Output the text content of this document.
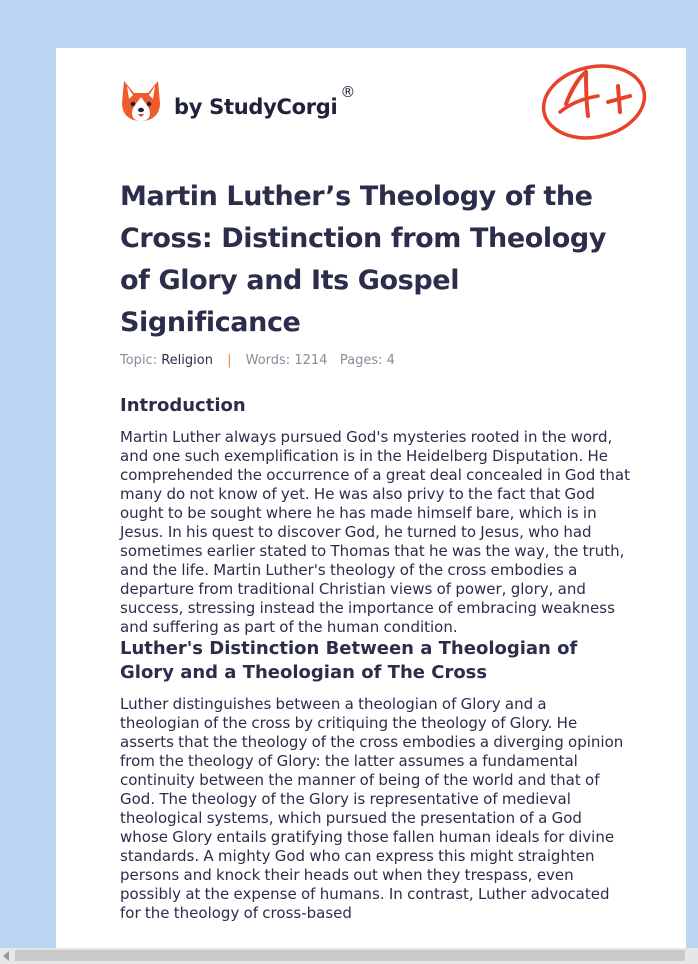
by StudyCorgi®
Martin Luther’s Theology of the Cross: Distinction from Theology of Glory and Its Gospel Significance
Topic: Religion | Words: 1214 Pages: 4
Introduction

Martin Luther always pursued God's mysteries rooted in the word, and one such exemplification is in the Heidelberg Disputation. He comprehended the occurrence of a great deal concealed in God that many do not know of yet. He was also privy to the fact that God ought to be sought where he has made himself bare, which is in Jesus. In his quest to discover God, he turned to Jesus, who had sometimes earlier stated to Thomas that he was the way, the truth, and the life. Martin Luther's theology of the cross embodies a departure from traditional Christian views of power, glory, and success, stressing instead the importance of embracing weakness and suffering as part of the human condition.

Luther's Distinction Between a Theologian of Glory and a Theologian of The Cross

Luther distinguishes between a theologian of Glory and a theologian of the cross by critiquing the theology of Glory. He asserts that the theology of the cross embodies a diverging opinion from the theology of Glory: the latter assumes a fundamental continuity between the manner of being of the world and that of God. The theology of the Glory is representative of medieval theological systems, which pursued the presentation of a God whose Glory entails gratifying those fallen human ideals for divine standards. A mighty God who can express this might straighten persons and knock their heads out when they trespass, even possibly at the expense of humans. In contrast, Luther advocated for the theology of cross-based
